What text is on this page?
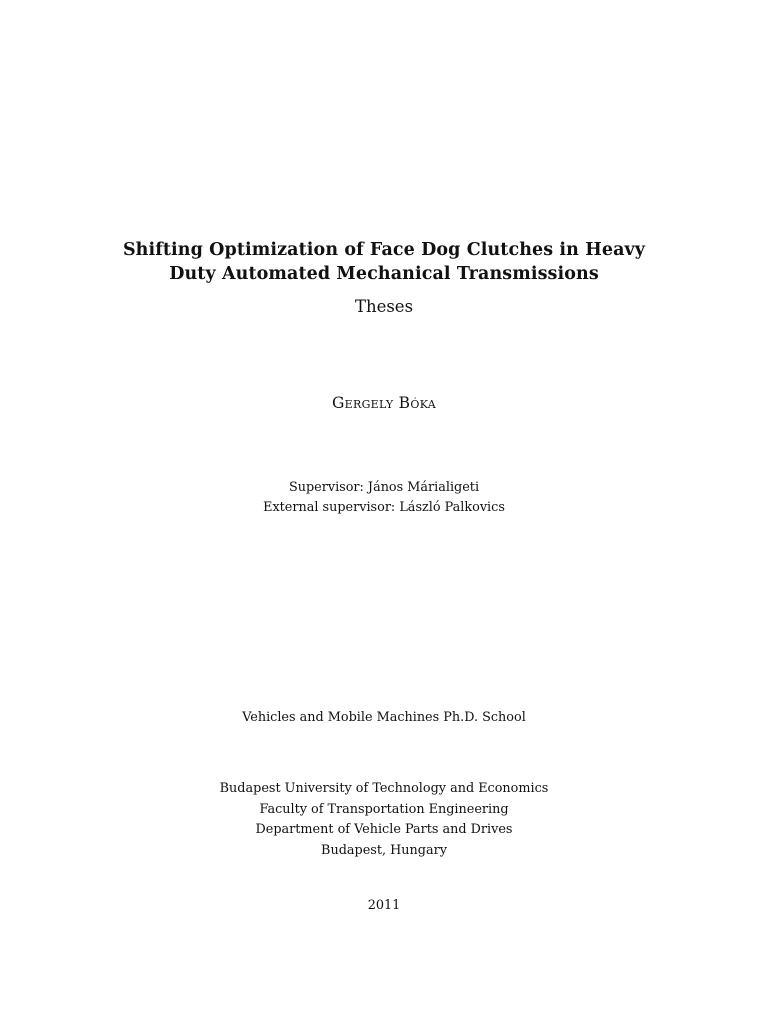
Shifting Optimization of Face Dog Clutches in Heavy
Duty Automated Mechanical Transmissions

Theses

Gergely Bóka

Supervisor: János Márialigeti

External supervisor: László Palkovics

Vehicles and Mobile Machines Ph.D. School

Budapest University of Technology and Economics

Faculty of Transportation Engineering

Department of Vehicle Parts and Drives

Budapest, Hungary

2011
